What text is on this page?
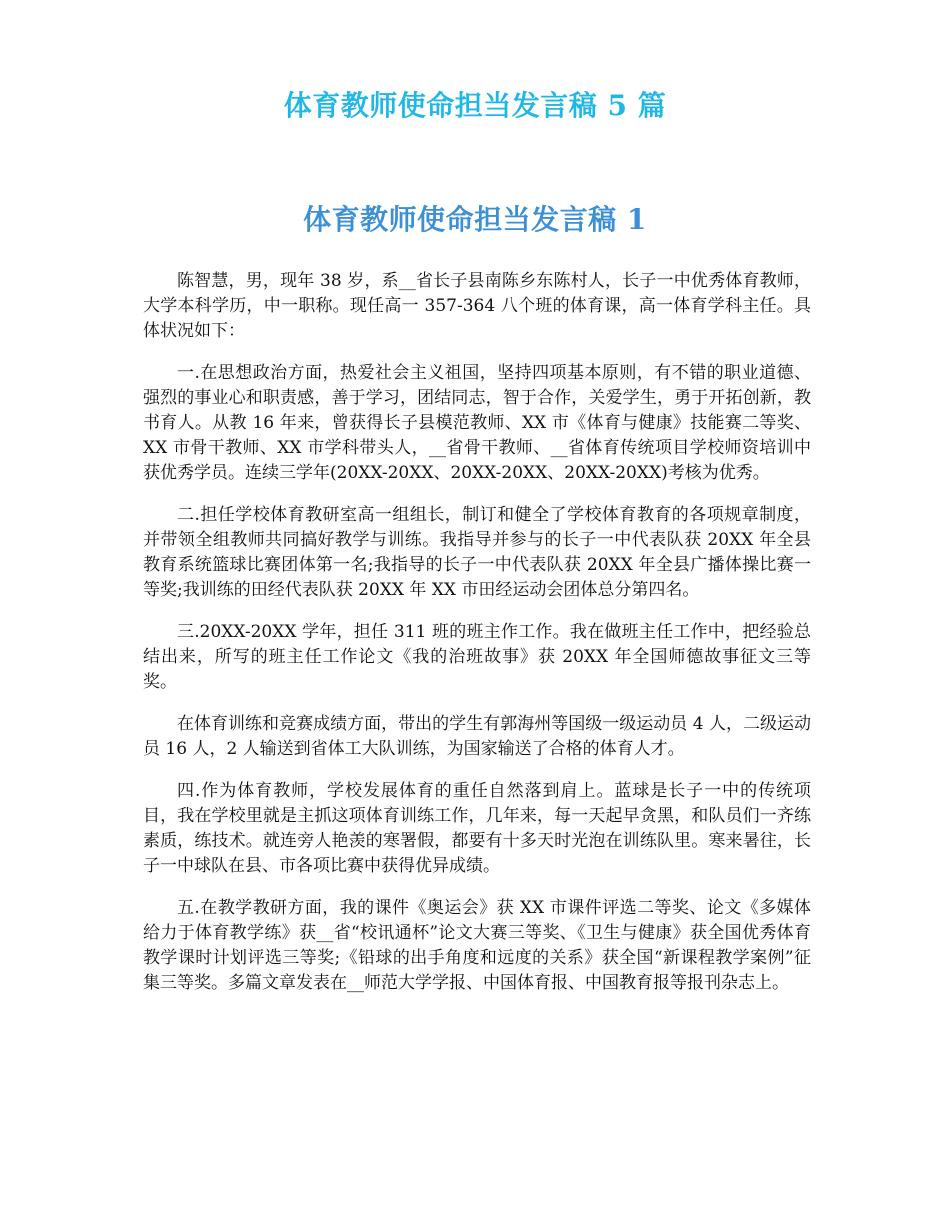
体育教师使命担当发言稿 5 篇
体育教师使命担当发言稿 1

陈智慧，男，现年 38 岁，系__省长子县南陈乡东陈村人，长子一中优秀体育教师，大学本科学历，中一职称。现任高一 357-364 八个班的体育课，高一体育学科主任。具体状况如下：

一.在思想政治方面，热爱社会主义祖国，坚持四项基本原则，有不错的职业道德、强烈的事业心和职责感，善于学习，团结同志，智于合作，关爱学生，勇于开拓创新，教书育人。从教 16 年来，曾获得长子县模范教师、XX 市《体育与健康》技能赛二等奖、XX 市骨干教师、XX 市学科带头人，__省骨干教师、__省体育传统项目学校师资培训中获优秀学员。连续三学年(20XX-20XX、20XX-20XX、20XX-20XX)考核为优秀。

二.担任学校体育教研室高一组组长，制订和健全了学校体育教育的各项规章制度，并带领全组教师共同搞好教学与训练。我指导并参与的长子一中代表队获 20XX 年全县教育系统篮球比赛团体第一名;我指导的长子一中代表队获 20XX 年全县广播体操比赛一等奖;我训练的田经代表队获 20XX 年 XX 市田经运动会团体总分第四名。

三.20XX-20XX 学年，担任 311 班的班主作工作。我在做班主任工作中，把经验总结出来，所写的班主任工作论文《我的治班故事》获 20XX 年全国师德故事征文三等奖。

在体育训练和竞赛成绩方面，带出的学生有郭海州等国级一级运动员 4 人，二级运动员 16 人，2 人输送到省体工大队训练，为国家输送了合格的体育人才。

四.作为体育教师，学校发展体育的重任自然落到肩上。蓝球是长子一中的传统项目，我在学校里就是主抓这项体育训练工作，几年来，每一天起早贪黑，和队员们一齐练素质，练技术。就连旁人艳羡的寒署假，都要有十多天时光泡在训练队里。寒来暑往，长子一中球队在县、市各项比赛中获得优异成绩。

五.在教学教研方面，我的课件《奥运会》获 XX 市课件评选二等奖、论文《多媒体给力于体育教学练》获__省“校讯通杯”论文大赛三等奖、《卫生与健康》获全国优秀体育教学课时计划评选三等奖;《铅球的出手角度和远度的关系》获全国“新课程教学案例”征集三等奖。多篇文章发表在__师范大学学报、中国体育报、中国教育报等报刊杂志上。
